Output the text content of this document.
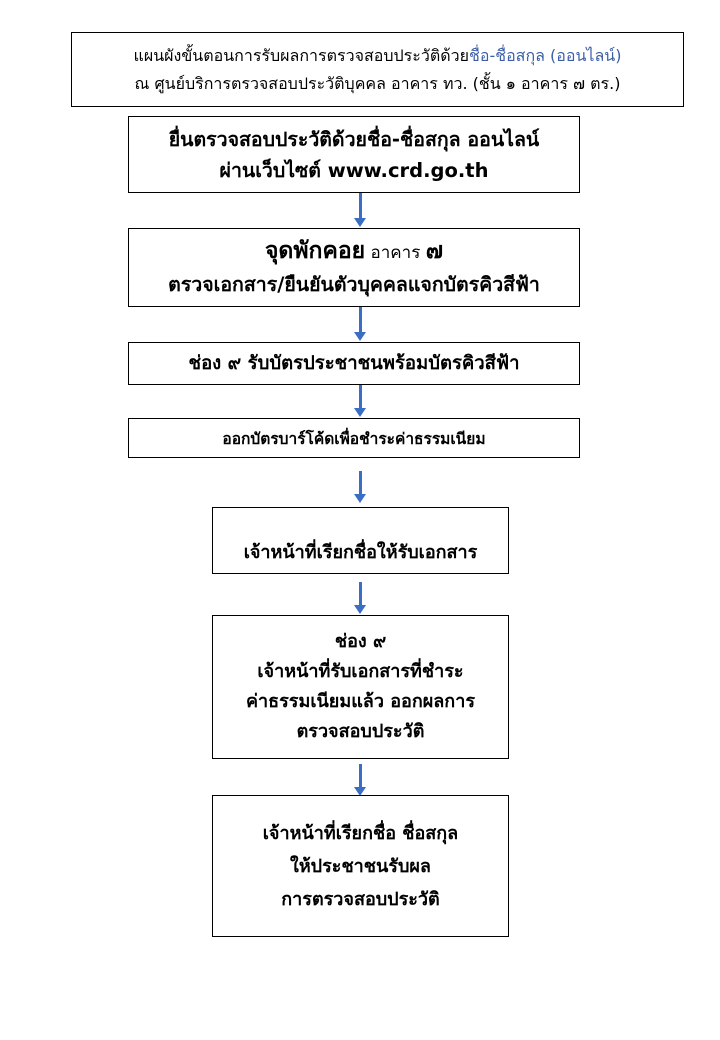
แผนผังขั้นตอนการรับผลการตรวจสอบประวัติด้วยชื่อ-ชื่อสกุล (ออนไลน์)
ณ ศูนย์บริการตรวจสอบประวัติบุคคล อาคาร ทว. (ชั้น ๑ อาคาร ๗ ตร.)
ยื่นตรวจสอบประวัติด้วยชื่อ-ชื่อสกุล ออนไลน์
ผ่านเว็บไซต์ www.crd.go.th
จุดพักคอย อาคาร ๗
ตรวจเอกสาร/ยืนยันตัวบุคคลแจกบัตรคิวสีฟ้า
ช่อง ๙ รับบัตรประชาชนพร้อมบัตรคิวสีฟ้า
ออกบัตรบาร์โค้ดเพื่อชำระค่าธรรมเนียม
เจ้าหน้าที่เรียกชื่อให้รับเอกสาร
ช่อง ๙
เจ้าหน้าที่รับเอกสารที่ชำระ
ค่าธรรมเนียมแล้ว ออกผลการ
ตรวจสอบประวัติ
เจ้าหน้าที่เรียกชื่อ ชื่อสกุล
ให้ประชาชนรับผล
การตรวจสอบประวัติ
